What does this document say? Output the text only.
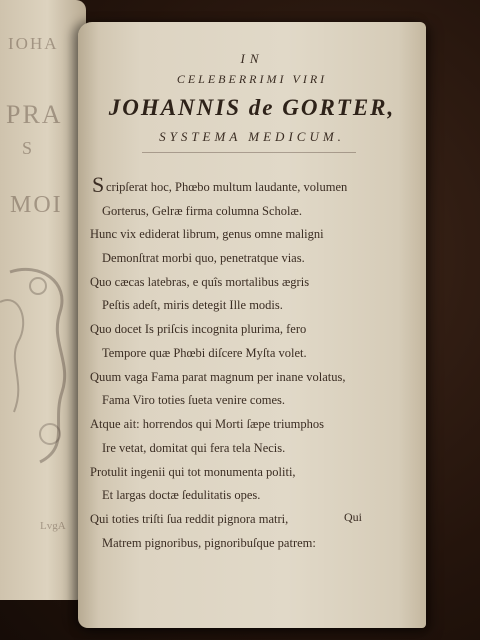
IOHA
PRA
S
MOI
LvgA
IN
CELEBERRIMI VIRI
JOHANNIS de GORTER,
SYSTEMA MEDICUM.
S cripſerat hoc, Phœbo multum laudante, volumen
Gorterus, Gelræ firma columna Scholæ.
Hunc vix ediderat librum, genus omne maligni
Demonſtrat morbi quo, penetratque vias.
Quo cæcas latebras, e quîs mortalibus ægris
Peſtis adeſt, miris detegit Ille modis.
Quo docet Is priſcis incognita plurima, fero
Tempore quæ Phœbi diſcere Myſta volet.
Quum vaga Fama parat magnum per inane volatus,
Fama Viro toties ſueta venire comes.
Atque ait: horrendos qui Morti ſæpe triumphos
Ire vetat, domitat qui fera tela Necis.
Protulit ingenii qui tot monumenta politi,
Et largas doctæ ſedulitatis opes.
Qui toties triſti ſua reddit pignora matri,
Matrem pignoribus, pignoribuſque patrem:
Qui
